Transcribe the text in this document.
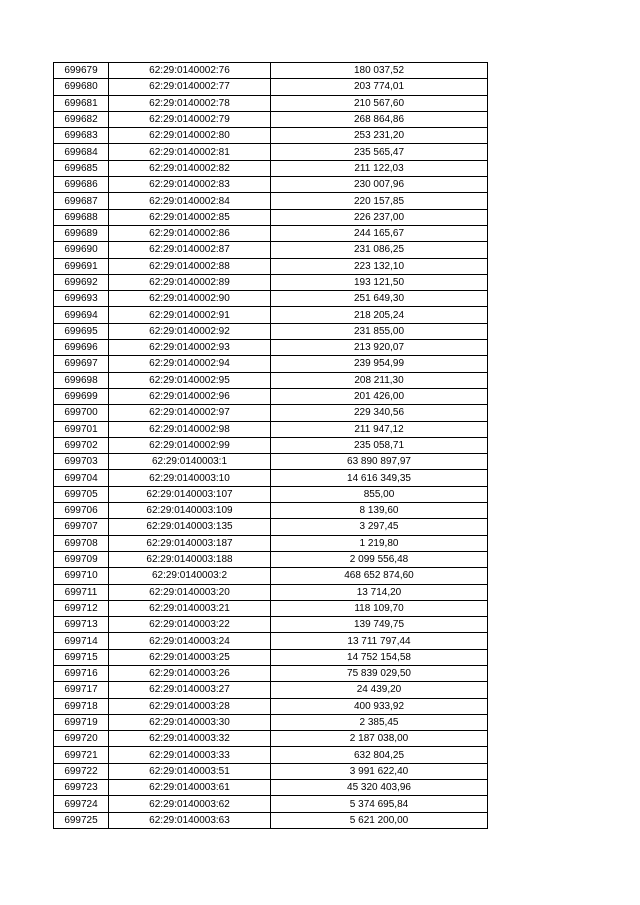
699679	62:29:0140002:76	180 037,52
699680	62:29:0140002:77	203 774,01
699681	62:29:0140002:78	210 567,60
699682	62:29:0140002:79	268 864,86
699683	62:29:0140002:80	253 231,20
699684	62:29:0140002:81	235 565,47
699685	62:29:0140002:82	211 122,03
699686	62:29:0140002:83	230 007,96
699687	62:29:0140002:84	220 157,85
699688	62:29:0140002:85	226 237,00
699689	62:29:0140002:86	244 165,67
699690	62:29:0140002:87	231 086,25
699691	62:29:0140002:88	223 132,10
699692	62:29:0140002:89	193 121,50
699693	62:29:0140002:90	251 649,30
699694	62:29:0140002:91	218 205,24
699695	62:29:0140002:92	231 855,00
699696	62:29:0140002:93	213 920,07
699697	62:29:0140002:94	239 954,99
699698	62:29:0140002:95	208 211,30
699699	62:29:0140002:96	201 426,00
699700	62:29:0140002:97	229 340,56
699701	62:29:0140002:98	211 947,12
699702	62:29:0140002:99	235 058,71
699703	62:29:0140003:1	63 890 897,97
699704	62:29:0140003:10	14 616 349,35
699705	62:29:0140003:107	855,00
699706	62:29:0140003:109	8 139,60
699707	62:29:0140003:135	3 297,45
699708	62:29:0140003:187	1 219,80
699709	62:29:0140003:188	2 099 556,48
699710	62:29:0140003:2	468 652 874,60
699711	62:29:0140003:20	13 714,20
699712	62:29:0140003:21	118 109,70
699713	62:29:0140003:22	139 749,75
699714	62:29:0140003:24	13 711 797,44
699715	62:29:0140003:25	14 752 154,58
699716	62:29:0140003:26	75 839 029,50
699717	62:29:0140003:27	24 439,20
699718	62:29:0140003:28	400 933,92
699719	62:29:0140003:30	2 385,45
699720	62:29:0140003:32	2 187 038,00
699721	62:29:0140003:33	632 804,25
699722	62:29:0140003:51	3 991 622,40
699723	62:29:0140003:61	45 320 403,96
699724	62:29:0140003:62	5 374 695,84
699725	62:29:0140003:63	5 621 200,00
